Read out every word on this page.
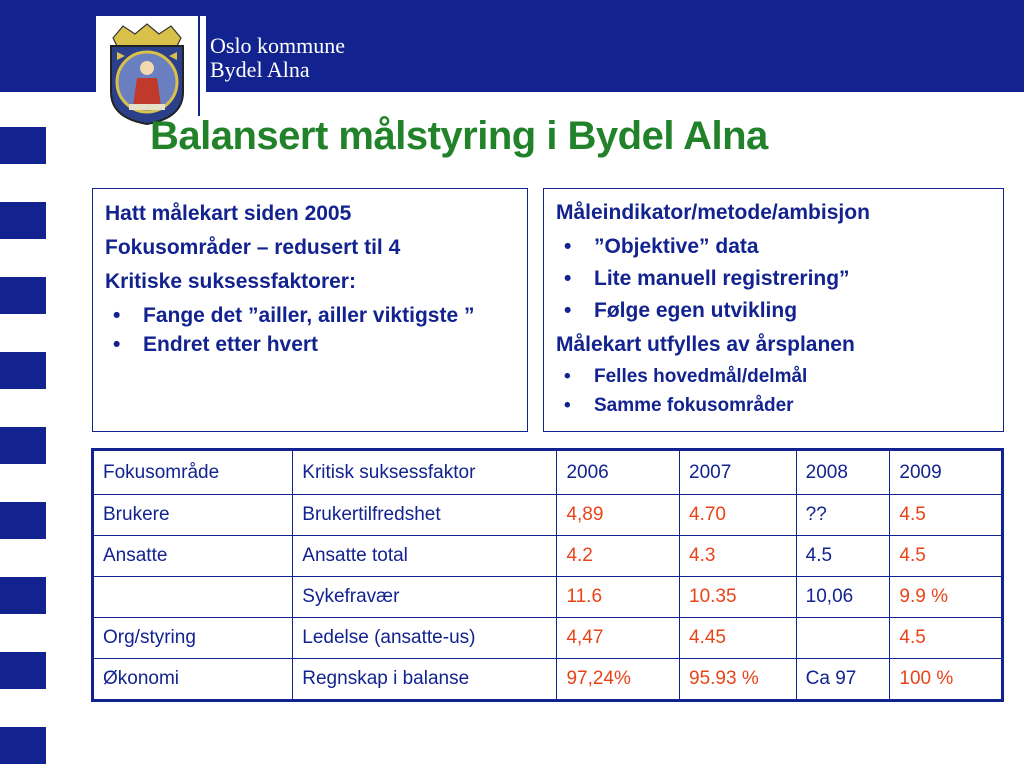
Oslo kommune
Bydel Alna
Balansert målstyring i Bydel Alna
Hatt målekart siden 2005
Fokusområder – redusert til 4
Kritiske suksessfaktorer:
• Fange det ”ailler, ailler viktigste ”
• Endret etter hvert
Måleindikator/metode/ambisjon
• ”Objektive” data
• Lite manuell registrering”
• Følge egen utvikling
Målekart utfylles av årsplanen
• Felles hovedmål/delmål
• Samme fokusområder
Fokusområde	Kritisk suksessfaktor	2006	2007	2008	2009
Brukere	Brukertilfredshet	4,89	4.70	??	4.5
Ansatte	Ansatte total	4.2	4.3	4.5	4.5
	Sykefravær	11.6	10.35	10,06	9.9 %
Org/styring	Ledelse (ansatte-us)	4,47	4.45		4.5
Økonomi	Regnskap i balanse	97,24%	95.93 %	Ca 97	100 %
